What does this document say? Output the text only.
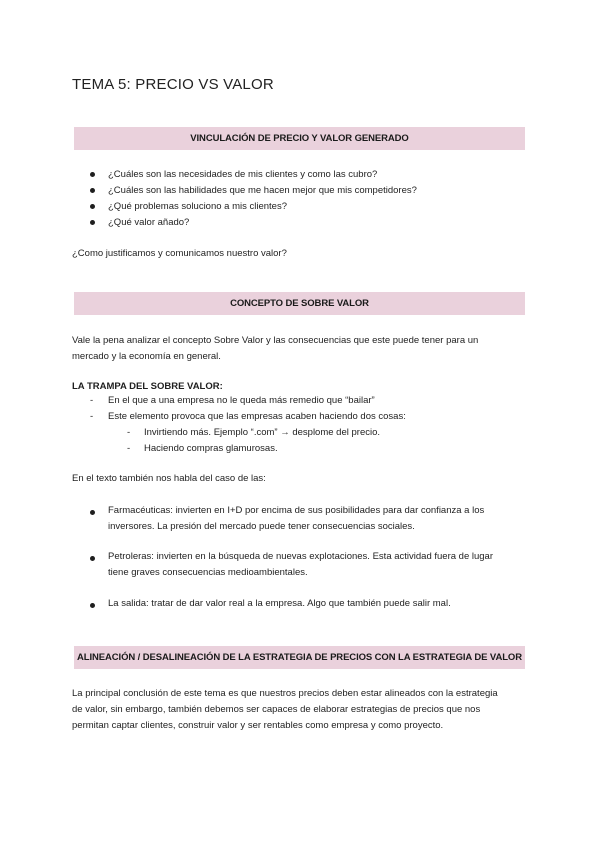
TEMA 5: PRECIO VS VALOR
VINCULACIÓN DE PRECIO Y VALOR GENERADO
¿Cuáles son las necesidades de mis clientes y como las cubro?
¿Cuáles son las habilidades que me hacen mejor que mis competidores?
¿Qué problemas soluciono a mis clientes?
¿Qué valor añado?
¿Como justificamos y comunicamos nuestro valor?
CONCEPTO DE SOBRE VALOR
Vale la pena analizar el concepto Sobre Valor y las consecuencias que este puede tener para un
mercado y la economía en general.
LA TRAMPA DEL SOBRE VALOR:
- En el que a una empresa no le queda más remedio que “bailar”
- Este elemento provoca que las empresas acaben haciendo dos cosas:
- Invirtiendo más. Ejemplo “.com” → desplome del precio.
- Haciendo compras glamurosas.
En el texto también nos habla del caso de las:
Farmacéuticas: invierten en I+D por encima de sus posibilidades para dar confianza a los
inversores. La presión del mercado puede tener consecuencias sociales.
Petroleras: invierten en la búsqueda de nuevas explotaciones. Esta actividad fuera de lugar
tiene graves consecuencias medioambientales.
La salida: tratar de dar valor real a la empresa. Algo que también puede salir mal.
ALINEACIÓN / DESALINEACIÓN DE LA ESTRATEGIA DE PRECIOS CON LA ESTRATEGIA DE VALOR
La principal conclusión de este tema es que nuestros precios deben estar alineados con la estrategia
de valor, sin embargo, también debemos ser capaces de elaborar estrategias de precios que nos
permitan captar clientes, construir valor y ser rentables como empresa y como proyecto.
